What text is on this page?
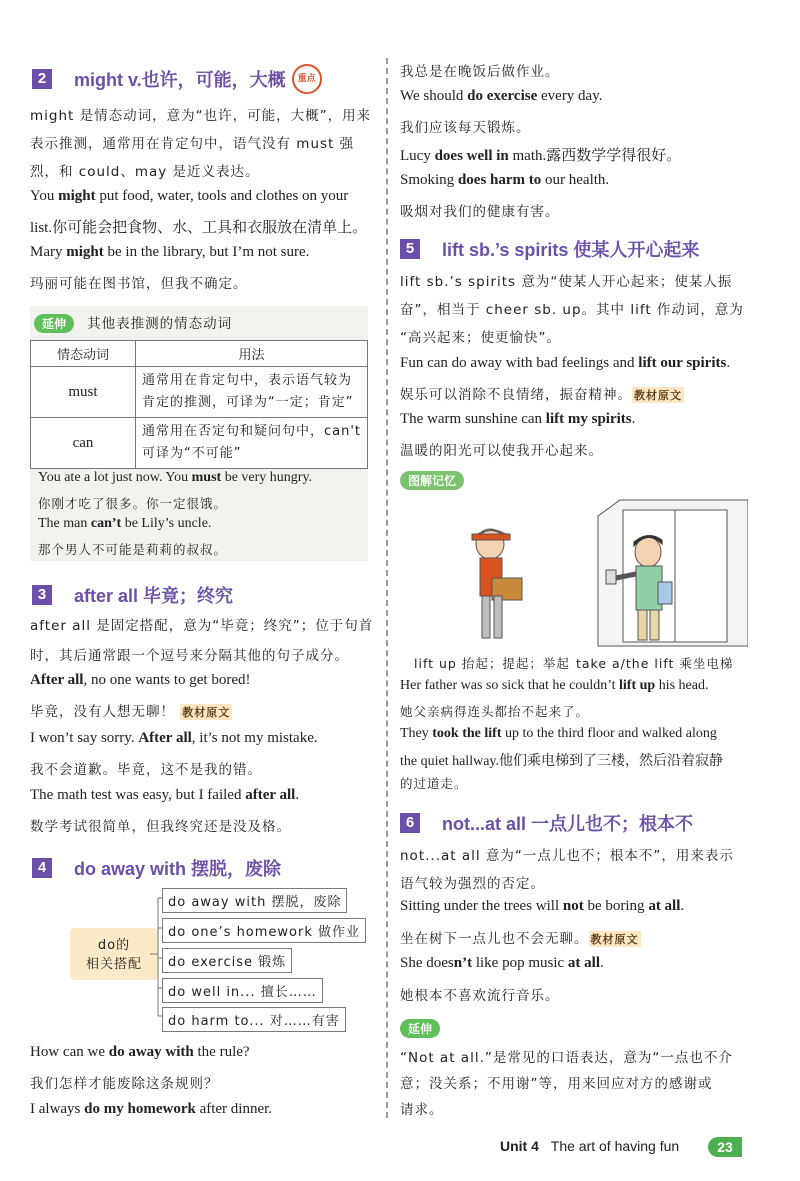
2	might v.也许，可能，大概	重点
might 是情态动词，意为“也许，可能，大概”，用来
表示推测，通常用在肯定句中，语气没有 must 强
烈，和 could、may 是近义表达。
You might put food, water, tools and clothes on your
list.你可能会把食物、水、工具和衣服放在清单上。
Mary might be in the library, but I’m not sure.
玛丽可能在图书馆，但我不确定。
延伸 其他表推测的情态动词
情态动词	用法
must	通常用在肯定句中，表示语气较为
肯定的推测，可译为“一定；肯定”

can	通常用在否定句和疑问句中，can't
可译为“不可能”
You ate a lot just now. You must be very hungry.
你刚才吃了很多。你一定很饿。
The man can’t be Lily’s uncle.
那个男人不可能是莉莉的叔叔。
3	after all 毕竟；终究
after all 是固定搭配，意为“毕竟；终究”；位于句首
时，其后通常跟一个逗号来分隔其他的句子成分。
After all, no one wants to get bored!
毕竟，没有人想无聊！ 教材原文
I won’t say sorry. After all, it’s not my mistake.
我不会道歉。毕竟，这不是我的错。
The math test was easy, but I failed after all.
数学考试很简单，但我终究还是没及格。
4	do away with 摆脱，废除
do的
相关搭配
do away with 摆脱，废除
do one’s homework 做作业
do exercise 锻炼
do well in... 擅长……
do harm to... 对……有害
How can we do away with the rule?
我们怎样才能废除这条规则？
I always do my homework after dinner.
我总是在晚饭后做作业。
We should do exercise every day.
我们应该每天锻炼。
Lucy does well in math.露西数学学得很好。
Smoking does harm to our health.
吸烟对我们的健康有害。
5	lift sb.’s spirits 使某人开心起来
lift sb.’s spirits 意为“使某人开心起来；使某人振
奋”，相当于 cheer sb. up。其中 lift 作动词，意为
“高兴起来；使更愉快”。
Fun can do away with bad feelings and lift our spirits.
娱乐可以消除不良情绪，振奋精神。 教材原文
The warm sunshine can lift my spirits.
温暖的阳光可以使我开心起来。
图解记忆
lift up 抬起；提起；举起 take a/the lift 乘坐电梯
Her father was so sick that he couldn’t lift up his head.
她父亲病得连头都抬不起来了。
They took the lift up to the third floor and walked along
the quiet hallway.他们乘电梯到了三楼，然后沿着寂静
的过道走。
6	not...at all 一点儿也不；根本不
not...at all 意为“一点儿也不；根本不”，用来表示
语气较为强烈的否定。
Sitting under the trees will not be boring at all.
坐在树下一点儿也不会无聊。 教材原文
She doesn’t like pop music at all.
她根本不喜欢流行音乐。
延伸
“Not at all.”是常见的口语表达，意为“一点也不介
意；没关系；不用谢”等，用来回应对方的感谢或
请求。
Unit 4 The art of having fun	23
